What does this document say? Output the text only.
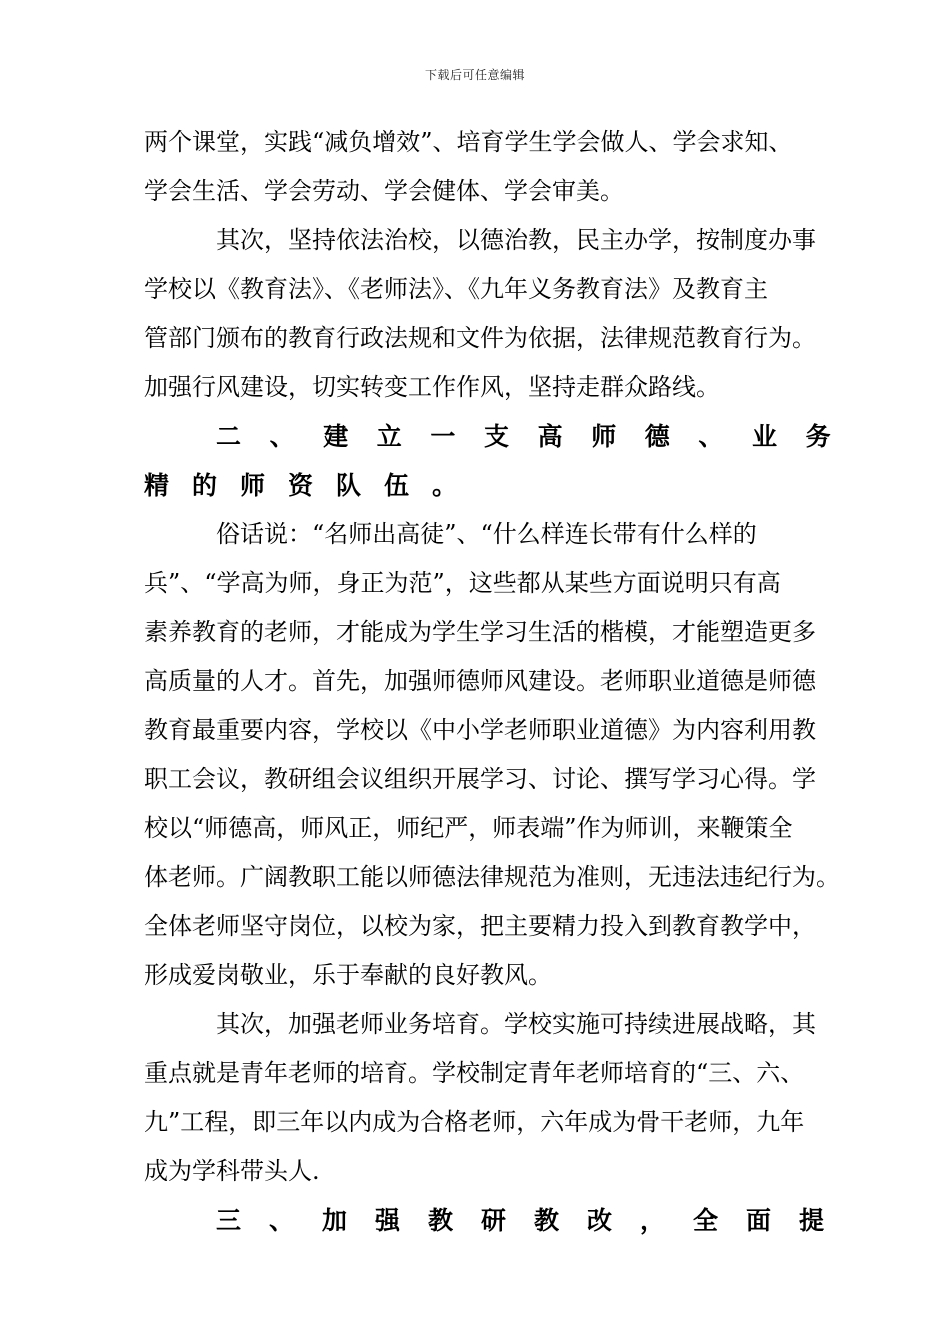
下载后可任意编辑
两个课堂，实践“减负增效”、培育学生学会做人、学会求知、
学会生活、学会劳动、学会健体、学会审美。
其次，坚持依法治校，以德治教，民主办学，按制度办事
学校以《教育法》、《老师法》、《九年义务教育法》及教育主
管部门颁布的教育行政法规和文件为依据，法律规范教育行为。
加强行风建设，切实转变工作作风，坚持走群众路线。
二、建立一支高师德、业务
精的师资队伍。
俗话说：“名师出高徒”、“什么样连长带有什么样的
兵”、“学高为师，身正为范”，这些都从某些方面说明只有高
素养教育的老师，才能成为学生学习生活的楷模，才能塑造更多
高质量的人才。首先，加强师德师风建设。老师职业道德是师德
教育最重要内容，学校以《中小学老师职业道德》为内容利用教
职工会议，教研组会议组织开展学习、讨论、撰写学习心得。学
校以“师德高，师风正，师纪严，师表端”作为师训，来鞭策全
体老师。广阔教职工能以师德法律规范为准则，无违法违纪行为。
全体老师坚守岗位，以校为家，把主要精力投入到教育教学中，
形成爱岗敬业，乐于奉献的良好教风。
其次，加强老师业务培育。学校实施可持续进展战略，其
重点就是青年老师的培育。学校制定青年老师培育的“三、六、
九”工程，即三年以内成为合格老师，六年成为骨干老师，九年
成为学科带头人.
三、加强教研教改，全面提
